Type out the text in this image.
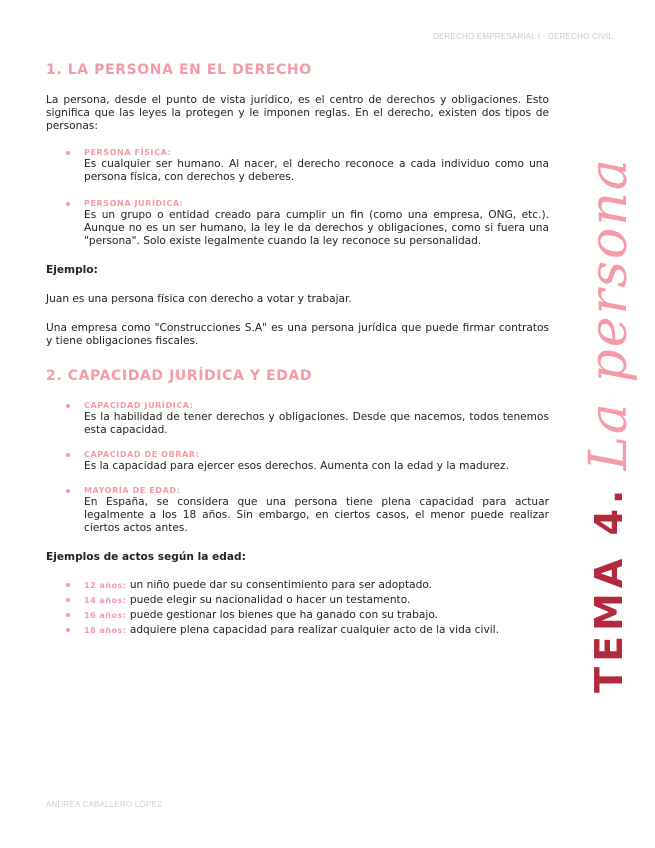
DERECHO EMPRESARIAL I - DERECHO CIVIL
1. LA PERSONA EN EL DERECHO

La persona, desde el punto de vista jurídico, es el centro de derechos y obligaciones. Esto significa que las leyes la protegen y le imponen reglas. En el derecho, existen dos tipos de personas:

PERSONA FÍSICA:
Es cualquier ser humano. Al nacer, el derecho reconoce a cada individuo como una persona física, con derechos y deberes.
PERSONA JURÍDICA:
Es un grupo o entidad creado para cumplir un fin (como una empresa, ONG, etc.). Aunque no es un ser humano, la ley le da derechos y obligaciones, como si fuera una "persona". Solo existe legalmente cuando la ley reconoce su personalidad.

Ejemplo:

Juan es una persona física con derecho a votar y trabajar.

Una empresa como "Construcciones S.A" es una persona jurídica que puede firmar contratos y tiene obligaciones fiscales.

2. CAPACIDAD JURÍDICA Y EDAD
CAPACIDAD JURÍDICA:
Es la habilidad de tener derechos y obligaciones. Desde que nacemos, todos tenemos esta capacidad.
CAPACIDAD DE OBRAR:
Es la capacidad para ejercer esos derechos. Aumenta con la edad y la madurez.
MAYORÍA DE EDAD:
En España, se considera que una persona tiene plena capacidad para actuar legalmente a los 18 años. Sin embargo, en ciertos casos, el menor puede realizar ciertos actos antes.

Ejemplos de actos según la edad:

12 años: un niño puede dar su consentimiento para ser adoptado.
14 años: puede elegir su nacionalidad o hacer un testamento.
16 años: puede gestionar los bienes que ha ganado con su trabajo.
18 años: adquiere plena capacidad para realizar cualquier acto de la vida civil.	TEMA 4.La persona
ANDREA CABALLERO LÓPEZ
